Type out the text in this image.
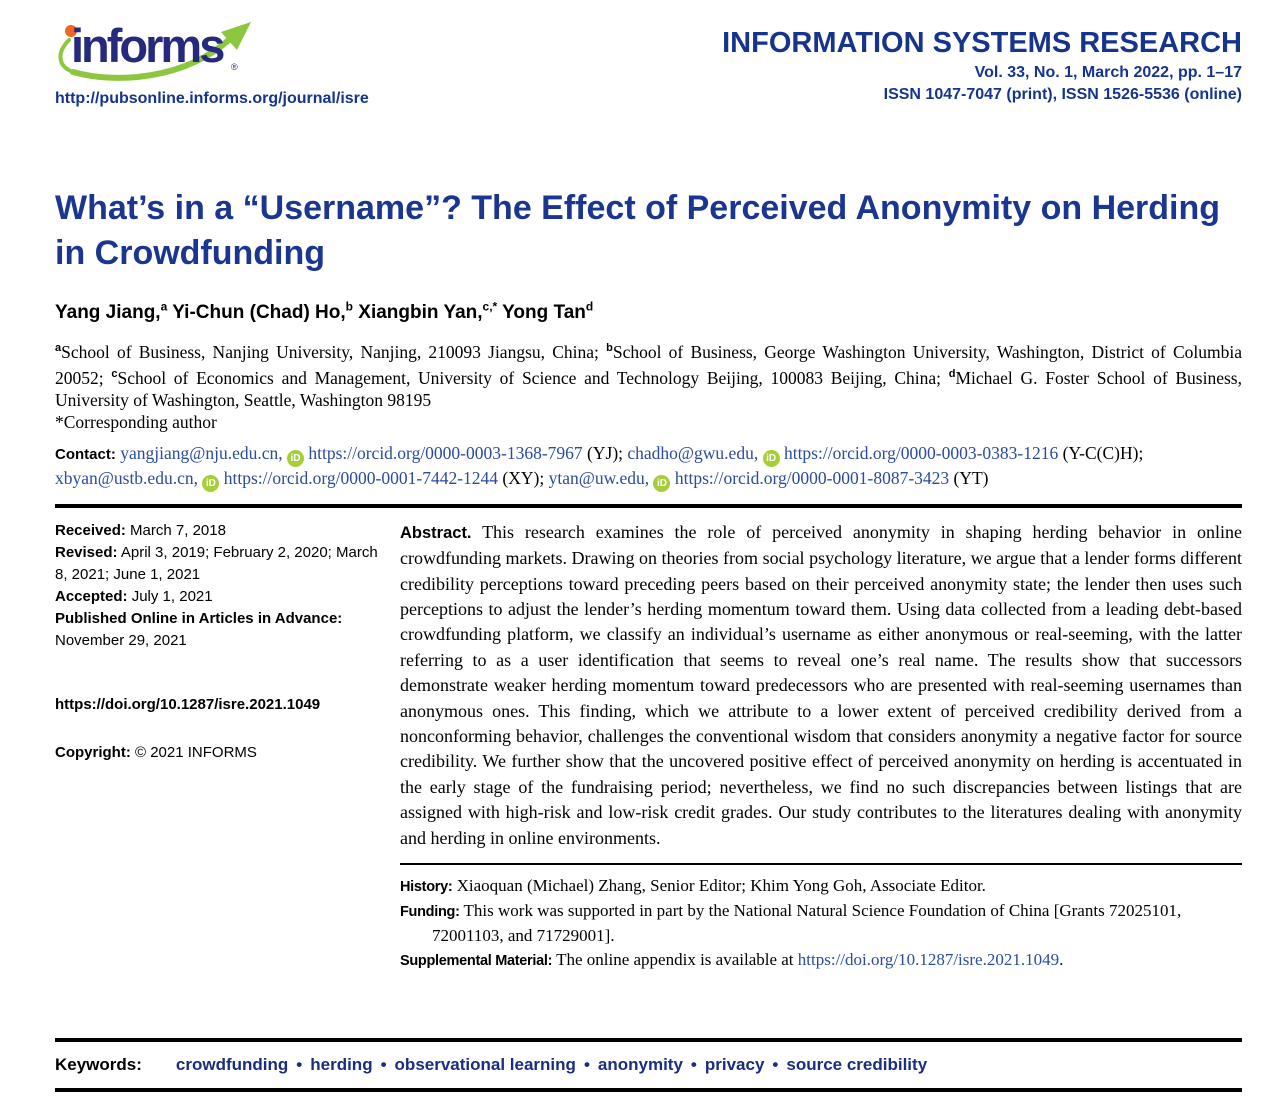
informs ®
http://pubsonline.informs.org/journal/isre
INFORMATION SYSTEMS RESEARCH
Vol. 33, No. 1, March 2022, pp. 1–17
ISSN 1047-7047 (print), ISSN 1526-5536 (online)
What’s in a “Username”? The Effect of Perceived Anonymity on Herding in Crowdfunding
Yang Jiang,$^a$ Yi-Chun (Chad) Ho,$^b$ Xiangbin Yan,$^{c,*}$ Yong Tan$^d$
$^a$School of Business, Nanjing University, Nanjing, 210093 Jiangsu, China; $^b$School of Business, George Washington University, Washington, District of Columbia 20052; $^c$School of Economics and Management, University of Science and Technology Beijing, 100083 Beijing, China; $^d$Michael G. Foster School of Business, University of Washington, Seattle, Washington 98195
*Corresponding author
Contact: yangjiang@nju.edu.cn, iD https://orcid.org/0000-0003-1368-7967 (YJ); chadho@gwu.edu, iD https://orcid.org/0000-0003-0383-1216 (Y-C(C)H); xbyan@ustb.edu.cn, iD https://orcid.org/0000-0001-7442-1244 (XY); ytan@uw.edu, iD https://orcid.org/0000-0001-8087-3423 (YT)
Received: March 7, 2018
Revised: April 3, 2019; February 2, 2020; March 8, 2021; June 1, 2021
Accepted: July 1, 2021
Published Online in Articles in Advance: November 29, 2021
https://doi.org/10.1287/isre.2021.1049
Copyright: © 2021 INFORMS

Abstract. This research examines the role of perceived anonymity in shaping herding behavior in online crowdfunding markets. Drawing on theories from social psychology literature, we argue that a lender forms different credibility perceptions toward preceding peers based on their perceived anonymity state; the lender then uses such perceptions to adjust the lender’s herding momentum toward them. Using data collected from a leading debt-based crowdfunding platform, we classify an individual’s username as either anonymous or real-seeming, with the latter referring to as a user identification that seems to reveal one’s real name. The results show that successors demonstrate weaker herding momentum toward predecessors who are presented with real-seeming usernames than anonymous ones. This finding, which we attribute to a lower extent of perceived credibility derived from a nonconforming behavior, challenges the conventional wisdom that considers anonymity a negative factor for source credibility. We further show that the uncovered positive effect of perceived anonymity on herding is accentuated in the early stage of the fundraising period; nevertheless, we find no such discrepancies between listings that are assigned with high-risk and low-risk credit grades. Our study contributes to the literatures dealing with anonymity and herding in online environments.

History: Xiaoquan (Michael) Zhang, Senior Editor; Khim Yong Goh, Associate Editor.
Funding: This work was supported in part by the National Natural Science Foundation of China [Grants 72025101, 72001103, and 71729001].
Supplemental Material: The online appendix is available at https://doi.org/10.1287/isre.2021.1049.
Keywords: crowdfunding • herding • observational learning • anonymity • privacy • source credibility
